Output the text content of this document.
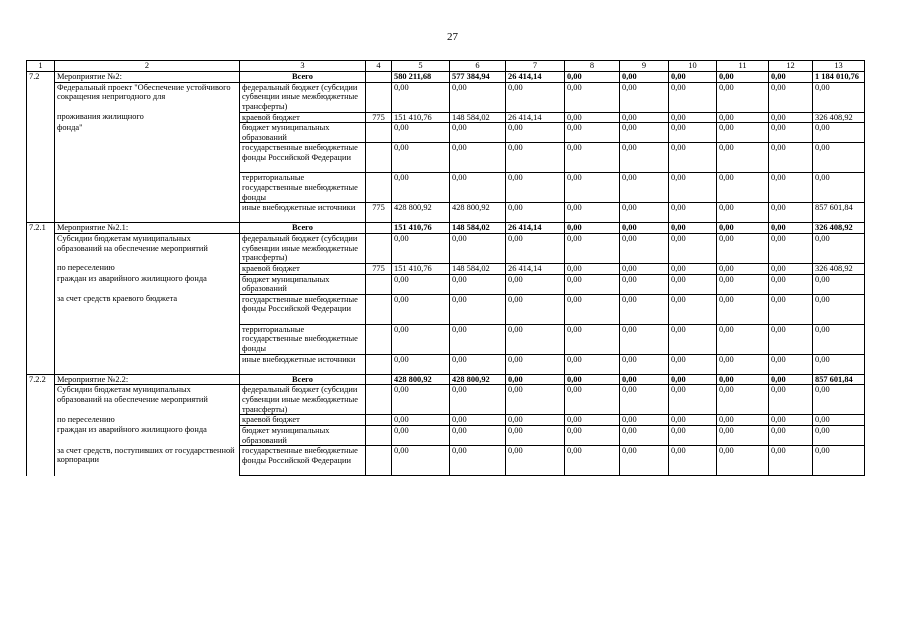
27
1	2	3	4	5	6	7	8	9	10	11	12	13
7.2	Мероприятие №2:	Всего		580 211,68	577 384,94	26 414,14	0,00	0,00	0,00	0,00	0,00	1 184 010,76
	Федеральный проект "Обеспечение устойчивого сокращения непригодного для	федеральный бюджет (субсидии субвенции иные межбюджетные трансферты)		0,00	0,00	0,00	0,00	0,00	0,00	0,00	0,00	0,00
	проживания жилищного	краевой бюджет	775	151 410,76	148 584,02	26 414,14	0,00	0,00	0,00	0,00	0,00	326 408,92
	фонда"	бюджет муниципальных образований		0,00	0,00	0,00	0,00	0,00	0,00	0,00	0,00	0,00
		государственные внебюджетные фонды Российской Федерации		0,00	0,00	0,00	0,00	0,00	0,00	0,00	0,00	0,00
		территориальные государственные внебюджетные фонды		0,00	0,00	0,00	0,00	0,00	0,00	0,00	0,00	0,00
		иные внебюджетные источники	775	428 800,92	428 800,92	0,00	0,00	0,00	0,00	0,00	0,00	857 601,84
7.2.1	Мероприятие №2.1:	Всего		151 410,76	148 584,02	26 414,14	0,00	0,00	0,00	0,00	0,00	326 408,92
	Субсидии бюджетам муниципальных образований на обеспечение мероприятий	федеральный бюджет (субсидии субвенции иные межбюджетные трансферты)		0,00	0,00	0,00	0,00	0,00	0,00	0,00	0,00	0,00
	по переселению	краевой бюджет	775	151 410,76	148 584,02	26 414,14	0,00	0,00	0,00	0,00	0,00	326 408,92
	граждан из аварийного жилищного фонда	бюджет муниципальных образований		0,00	0,00	0,00	0,00	0,00	0,00	0,00	0,00	0,00
	за счет средств краевого бюджета	государственные внебюджетные фонды Российской Федерации		0,00	0,00	0,00	0,00	0,00	0,00	0,00	0,00	0,00
		территориальные государственные внебюджетные фонды		0,00	0,00	0,00	0,00	0,00	0,00	0,00	0,00	0,00
		иные внебюджетные источники		0,00	0,00	0,00	0,00	0,00	0,00	0,00	0,00	0,00
7.2.2	Мероприятие №2.2:	Всего		428 800,92	428 800,92	0,00	0,00	0,00	0,00	0,00	0,00	857 601,84
	Субсидии бюджетам муниципальных образований на обеспечение мероприятий	федеральный бюджет (субсидии субвенции иные межбюджетные трансферты)		0,00	0,00	0,00	0,00	0,00	0,00	0,00	0,00	0,00
	по переселению	краевой бюджет		0,00	0,00	0,00	0,00	0,00	0,00	0,00	0,00	0,00
	граждан из аварийного жилищного фонда	бюджет муниципальных образований		0,00	0,00	0,00	0,00	0,00	0,00	0,00	0,00	0,00
	за счет средств, поступивших от государственной корпорации	государственные внебюджетные фонды Российской Федерации		0,00	0,00	0,00	0,00	0,00	0,00	0,00	0,00	0,00
